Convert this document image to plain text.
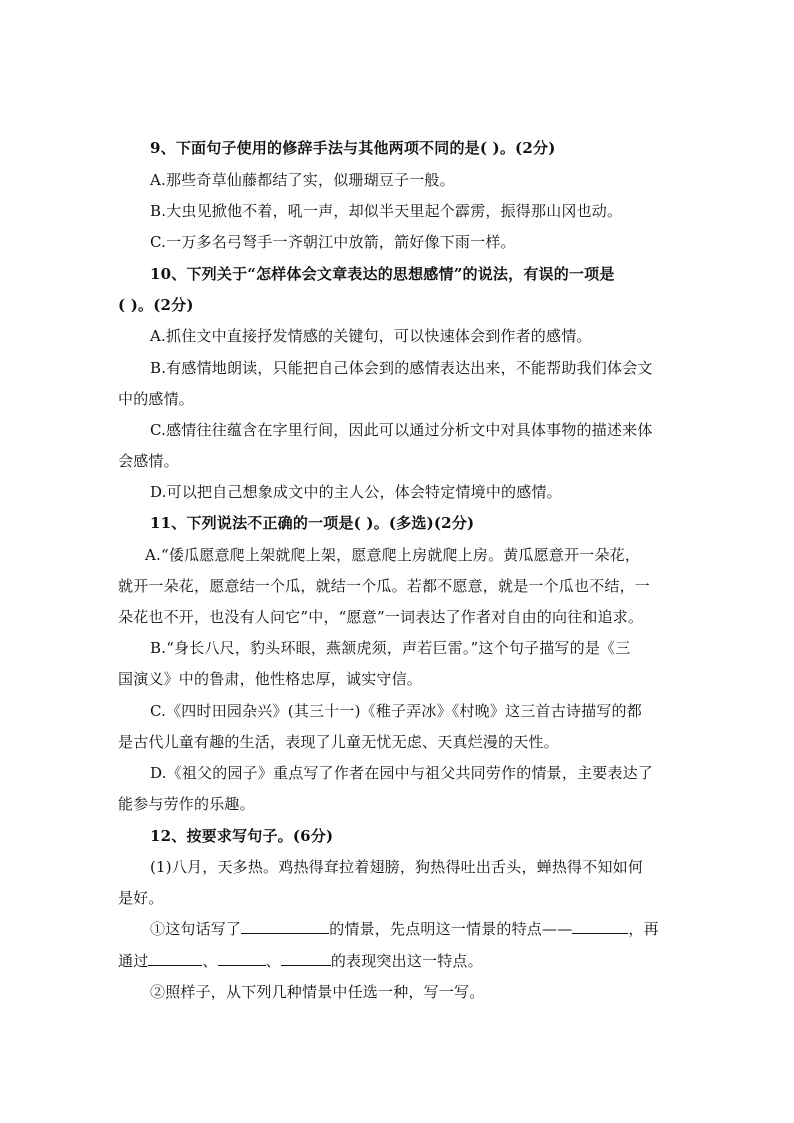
9、下面句子使用的修辞手法与其他两项不同的是( )。(2分)
A.那些奇草仙藤都结了实，似珊瑚豆子一般。
B.大虫见掀他不着，吼一声，却似半天里起个霹雳，振得那山冈也动。
C.一万多名弓弩手一齐朝江中放箭，箭好像下雨一样。
10、下列关于“怎样体会文章表达的思想感情”的说法，有误的一项是
( )。(2分)
A.抓住文中直接抒发情感的关键句，可以快速体会到作者的感情。
B.有感情地朗读，只能把自己体会到的感情表达出来，不能帮助我们体会文
中的感情。
C.感情往往蕴含在字里行间，因此可以通过分析文中对具体事物的描述来体
会感情。
D.可以把自己想象成文中的主人公，体会特定情境中的感情。
11、下列说法不正确的一项是( )。(多选)(2分)
A.“倭瓜愿意爬上架就爬上架，愿意爬上房就爬上房。黄瓜愿意开一朵花，
就开一朵花，愿意结一个瓜，就结一个瓜。若都不愿意，就是一个瓜也不结，一
朵花也不开，也没有人问它”中，“愿意”一词表达了作者对自由的向往和追求。
B.“身长八尺，豹头环眼，燕颔虎须，声若巨雷。”这个句子描写的是《三
国演义》中的鲁肃，他性格忠厚，诚实守信。
C.《四时田园杂兴》(其三十一)《稚子弄冰》《村晚》这三首古诗描写的都
是古代儿童有趣的生活，表现了儿童无忧无虑、天真烂漫的天性。
D.《祖父的园子》重点写了作者在园中与祖父共同劳作的情景，主要表达了
能参与劳作的乐趣。
12、按要求写句子。(6分)
(1)八月，天多热。鸡热得耷拉着翅膀，狗热得吐出舌头，蝉热得不知如何
是好。
①这句话写了	的情景，先点明这一情景的特点——	，再
通过	、	、	的表现突出这一特点。
②照样子，从下列几种情景中任选一种，写一写。
